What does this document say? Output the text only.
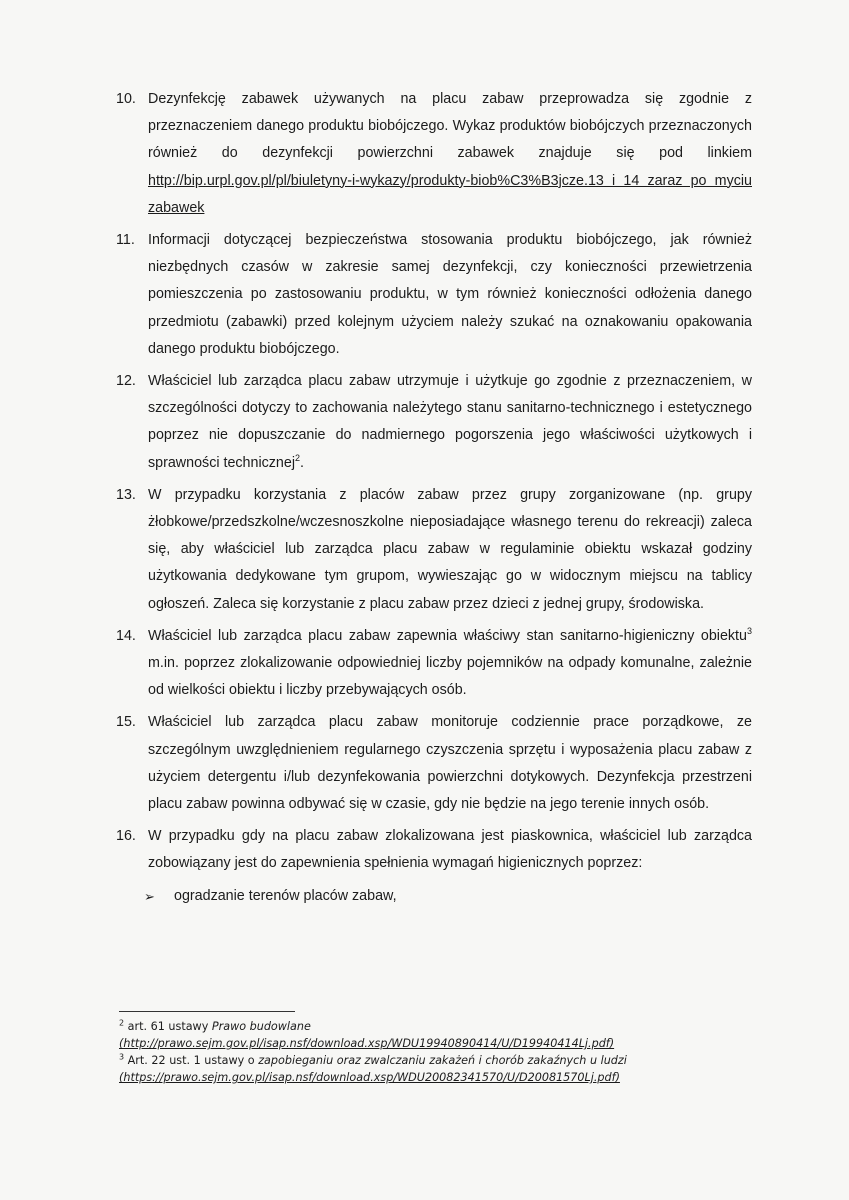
10. Dezynfekcję zabawek używanych na placu zabaw przeprowadza się zgodnie z przeznaczeniem danego produktu biobójczego. Wykaz produktów biobójczych przeznaczonych również do dezynfekcji powierzchni zabawek znajduje się pod linkiem http://bip.urpl.gov.pl/pl/biuletyny-i-wykazy/produkty-biob%C3%B3jcze.13 i 14 zaraz po myciu zabawek
11. Informacji dotyczącej bezpieczeństwa stosowania produktu biobójczego, jak również niezbędnych czasów w zakresie samej dezynfekcji, czy konieczności przewietrzenia pomieszczenia po zastosowaniu produktu, w tym również konieczności odłożenia danego przedmiotu (zabawki) przed kolejnym użyciem należy szukać na oznakowaniu opakowania danego produktu biobójczego.
12. Właściciel lub zarządca placu zabaw utrzymuje i użytkuje go zgodnie z przeznaczeniem, w szczególności dotyczy to zachowania należytego stanu sanitarno-technicznego i estetycznego poprzez nie dopuszczanie do nadmiernego pogorszenia jego właściwości użytkowych i sprawności technicznej$^2$.
13. W przypadku korzystania z placów zabaw przez grupy zorganizowane (np. grupy żłobkowe/przedszkolne/wczesnoszkolne nieposiadające własnego terenu do rekreacji) zaleca się, aby właściciel lub zarządca placu zabaw w regulaminie obiektu wskazał godziny użytkowania dedykowane tym grupom, wywieszając go w widocznym miejscu na tablicy ogłoszeń. Zaleca się korzystanie z placu zabaw przez dzieci z jednej grupy, środowiska.
14. Właściciel lub zarządca placu zabaw zapewnia właściwy stan sanitarno-higieniczny obiektu$^3$ m.in. poprzez zlokalizowanie odpowiedniej liczby pojemników na odpady komunalne, zależnie od wielkości obiektu i liczby przebywających osób.
15. Właściciel lub zarządca placu zabaw monitoruje codziennie prace porządkowe, ze szczególnym uwzględnieniem regularnego czyszczenia sprzętu i wyposażenia placu zabaw z użyciem detergentu i/lub dezynfekowania powierzchni dotykowych. Dezynfekcja przestrzeni placu zabaw powinna odbywać się w czasie, gdy nie będzie na jego terenie innych osób.
16. W przypadku gdy na placu zabaw zlokalizowana jest piaskownica, właściciel lub zarządca zobowiązany jest do zapewnienia spełnienia wymagań higienicznych poprzez:
➢ ogradzanie terenów placów zabaw,

$^2$ art. 61 ustawy Prawo budowlane
(http://prawo.sejm.gov.pl/isap.nsf/download.xsp/WDU19940890414/U/D19940414Lj.pdf)

$^3$ Art. 22 ust. 1 ustawy o zapobieganiu oraz zwalczaniu zakażeń i chorób zakaźnych u ludzi
(https://prawo.sejm.gov.pl/isap.nsf/download.xsp/WDU20082341570/U/D20081570Lj.pdf)
